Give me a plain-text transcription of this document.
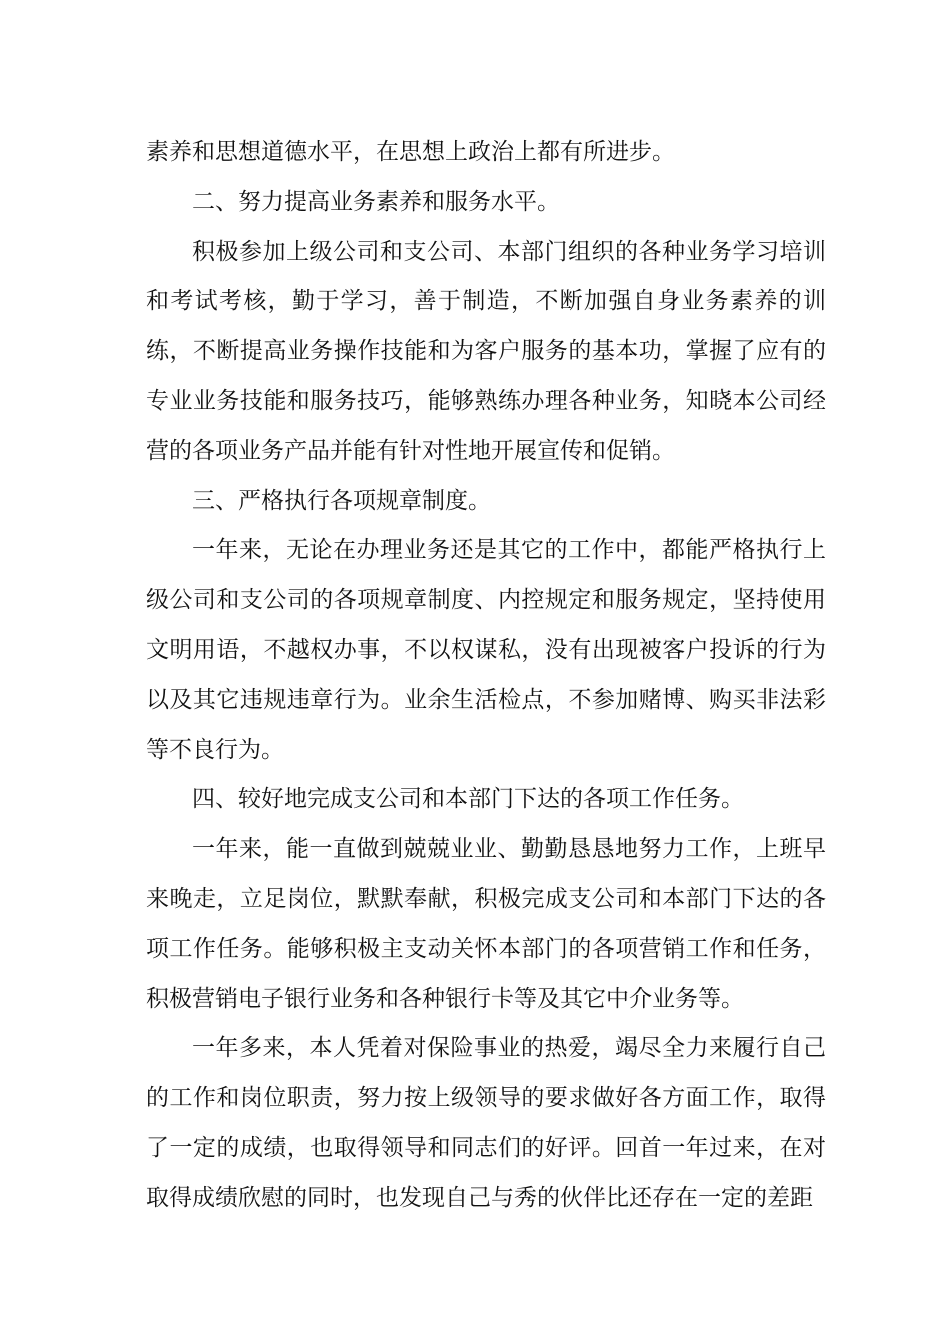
素养和思想道德水平，在思想上政治上都有所进步。

二、努力提高业务素养和服务水平。

积极参加上级公司和支公司、本部门组织的各种业务学习培训和考试考核，勤于学习，善于制造，不断加强自身业务素养的训练，不断提高业务操作技能和为客户服务的基本功，掌握了应有的专业业务技能和服务技巧，能够熟练办理各种业务，知晓本公司经营的各项业务产品并能有针对性地开展宣传和促销。

三、严格执行各项规章制度。

一年来，无论在办理业务还是其它的工作中，都能严格执行上级公司和支公司的各项规章制度、内控规定和服务规定，坚持使用文明用语，不越权办事，不以权谋私，没有出现被客户投诉的行为以及其它违规违章行为。业余生活检点，不参加赌博、购买非法彩等不良行为。

四、较好地完成支公司和本部门下达的各项工作任务。

一年来，能一直做到兢兢业业、勤勤恳恳地努力工作，上班早来晚走，立足岗位，默默奉献，积极完成支公司和本部门下达的各项工作任务。能够积极主支动关怀本部门的各项营销工作和任务，积极营销电子银行业务和各种银行卡等及其它中介业务等。

一年多来，本人凭着对保险事业的热爱，竭尽全力来履行自己的工作和岗位职责，努力按上级领导的要求做好各方面工作，取得了一定的成绩，也取得领导和同志们的好评。回首一年过来，在对取得成绩欣慰的同时，也发现自己与秀的伙伴比还存在一定的差距
